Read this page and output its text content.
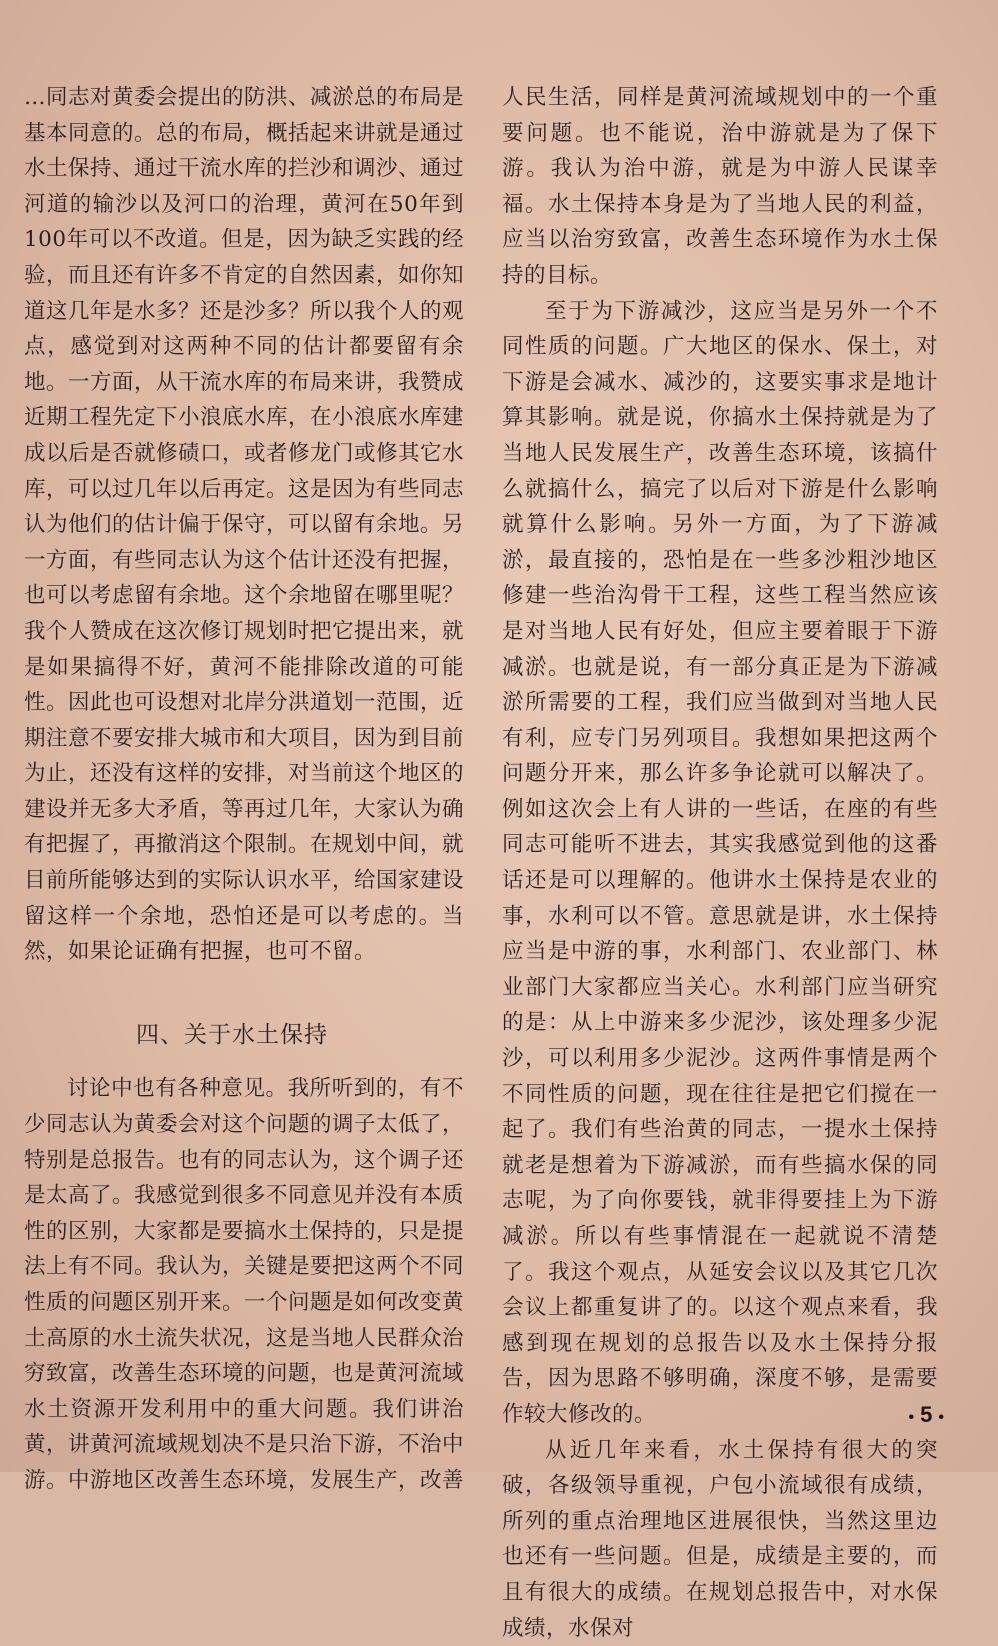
…同志对黄委会提出的防洪、减淤总的布局是基本同意的。总的布局，概括起来讲就是通过水土保持、通过干流水库的拦沙和调沙、通过河道的输沙以及河口的治理，黄河在50年到100年可以不改道。但是，因为缺乏实践的经验，而且还有许多不肯定的自然因素，如你知道这几年是水多？还是沙多？所以我个人的观点，感觉到对这两种不同的估计都要留有余地。一方面，从干流水库的布局来讲，我赞成近期工程先定下小浪底水库，在小浪底水库建成以后是否就修碛口，或者修龙门或修其它水库，可以过几年以后再定。这是因为有些同志认为他们的估计偏于保守，可以留有余地。另一方面，有些同志认为这个估计还没有把握，也可以考虑留有余地。这个余地留在哪里呢？我个人赞成在这次修订规划时把它提出来，就是如果搞得不好，黄河不能排除改道的可能性。因此也可设想对北岸分洪道划一范围，近期注意不要安排大城市和大项目，因为到目前为止，还没有这样的安排，对当前这个地区的建设并无多大矛盾，等再过几年，大家认为确有把握了，再撤消这个限制。在规划中间，就目前所能够达到的实际认识水平，给国家建设留这样一个余地，恐怕还是可以考虑的。当然，如果论证确有把握，也可不留。

四、关于水土保持

讨论中也有各种意见。我所听到的，有不少同志认为黄委会对这个问题的调子太低了，特别是总报告。也有的同志认为，这个调子还是太高了。我感觉到很多不同意见并没有本质性的区别，大家都是要搞水土保持的，只是提法上有不同。我认为，关键是要把这两个不同性质的问题区别开来。一个问题是如何改变黄土高原的水土流失状况，这是当地人民群众治穷致富，改善生态环境的问题，也是黄河流域水土资源开发利用中的重大问题。我们讲治黄，讲黄河流域规划决不是只治下游，不治中游。中游地区改善生态环境，发展生产，改善

人民生活，同样是黄河流域规划中的一个重要问题。也不能说，治中游就是为了保下游。我认为治中游，就是为中游人民谋幸福。水土保持本身是为了当地人民的利益，应当以治穷致富，改善生态环境作为水土保持的目标。

至于为下游减沙，这应当是另外一个不同性质的问题。广大地区的保水、保土，对下游是会减水、减沙的，这要实事求是地计算其影响。就是说，你搞水土保持就是为了当地人民发展生产，改善生态环境，该搞什么就搞什么，搞完了以后对下游是什么影响就算什么影响。另外一方面，为了下游减淤，最直接的，恐怕是在一些多沙粗沙地区修建一些治沟骨干工程，这些工程当然应该是对当地人民有好处，但应主要着眼于下游减淤。也就是说，有一部分真正是为下游减淤所需要的工程，我们应当做到对当地人民有利，应专门另列项目。我想如果把这两个问题分开来，那么许多争论就可以解决了。例如这次会上有人讲的一些话，在座的有些同志可能听不进去，其实我感觉到他的这番话还是可以理解的。他讲水土保持是农业的事，水利可以不管。意思就是讲，水土保持应当是中游的事，水利部门、农业部门、林业部门大家都应当关心。水利部门应当研究的是：从上中游来多少泥沙，该处理多少泥沙，可以利用多少泥沙。这两件事情是两个不同性质的问题，现在往往是把它们搅在一起了。我们有些治黄的同志，一提水土保持就老是想着为下游减淤，而有些搞水保的同志呢，为了向你要钱，就非得要挂上为下游减淤。所以有些事情混在一起就说不清楚了。我这个观点，从延安会议以及其它几次会议上都重复讲了的。以这个观点来看，我感到现在规划的总报告以及水土保持分报告，因为思路不够明确，深度不够，是需要作较大修改的。

从近几年来看，水土保持有很大的突破，各级领导重视，户包小流域很有成绩，所列的重点治理地区进展很快，当然这里边也还有一些问题。但是，成绩是主要的，而且有很大的成绩。在规划总报告中，对水保成绩，水保对

• 5 •
